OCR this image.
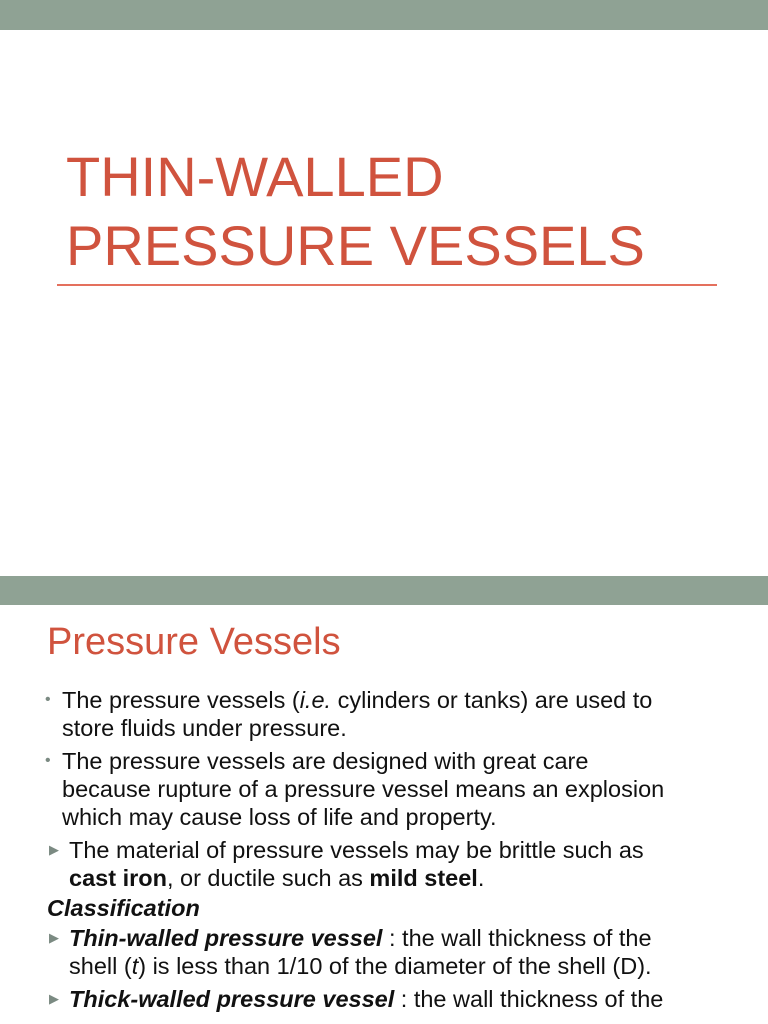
THIN-WALLED
PRESSURE VESSELS
Pressure Vessels
• The pressure vessels (i.e. cylinders or tanks) are used to
store fluids under pressure.
• The pressure vessels are designed with great care
because rupture of a pressure vessel means an explosion
which may cause loss of life and property.
▶ The material of pressure vessels may be brittle such as
cast iron, or ductile such as mild steel.
Classification
▶ Thin-walled pressure vessel : the wall thickness of the
shell (t) is less than 1/10 of the diameter of the shell (D).
▶ Thick-walled pressure vessel : the wall thickness of the
